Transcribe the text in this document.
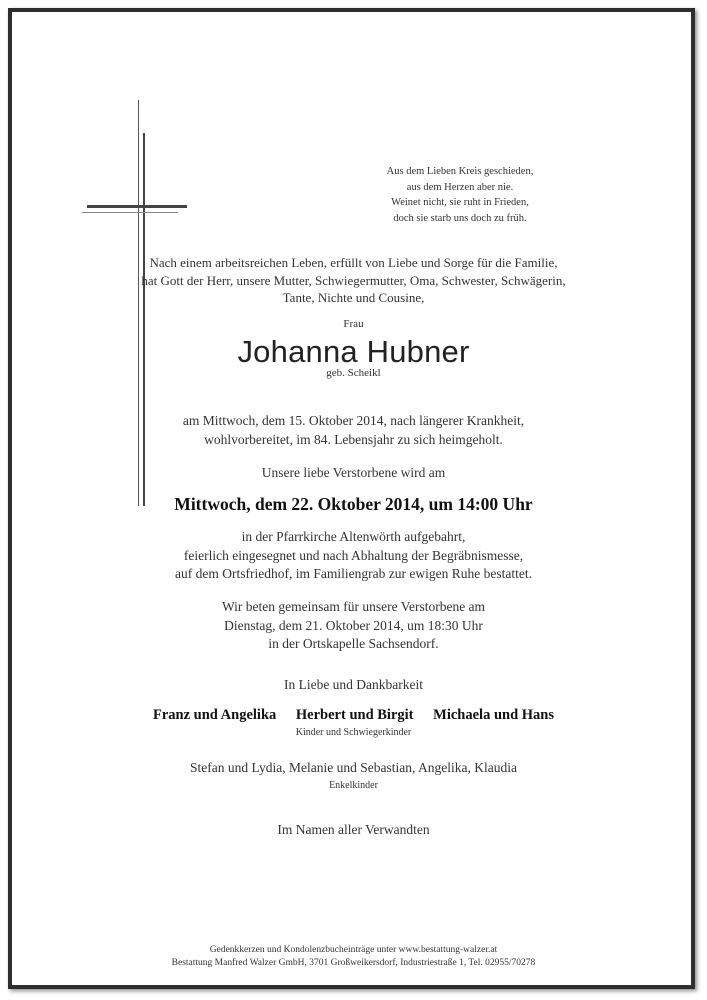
Aus dem Lieben Kreis geschieden,
aus dem Herzen aber nie.
Weinet nicht, sie ruht in Frieden,
doch sie starb uns doch zu früh.
Nach einem arbeitsreichen Leben, erfüllt von Liebe und Sorge für die Familie,
hat Gott der Herr, unsere Mutter, Schwiegermutter, Oma, Schwester, Schwägerin,
Tante, Nichte und Cousine,
Frau
Johanna Hubner
geb. Scheikl
am Mittwoch, dem 15. Oktober 2014, nach längerer Krankheit,
wohlvorbereitet, im 84. Lebensjahr zu sich heimgeholt.
Unsere liebe Verstorbene wird am
Mittwoch, dem 22. Oktober 2014, um 14:00 Uhr
in der Pfarrkirche Altenwörth aufgebahrt,
feierlich eingesegnet und nach Abhaltung der Begräbnismesse,
auf dem Ortsfriedhof, im Familiengrab zur ewigen Ruhe bestattet.
Wir beten gemeinsam für unsere Verstorbene am
Dienstag, dem 21. Oktober 2014, um 18:30 Uhr
in der Ortskapelle Sachsendorf.
In Liebe und Dankbarkeit
Franz und Angelika Herbert und Birgit Michaela und Hans
Kinder und Schwiegerkinder
Stefan und Lydia, Melanie und Sebastian, Angelika, Klaudia
Enkelkinder
Im Namen aller Verwandten
Gedenkkerzen und Kondolenzbucheinträge unter www.bestattung-walzer.at
Bestattung Manfred Walzer GmbH, 3701 Großweikersdorf, Industriestraße 1, Tel. 02955/70278
